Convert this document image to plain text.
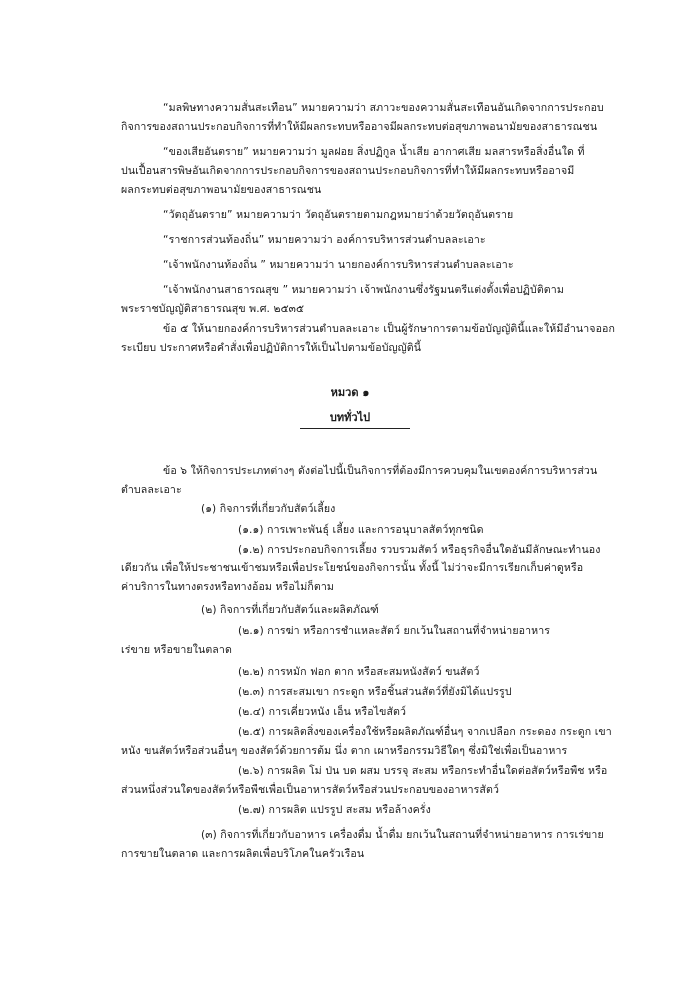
“มลพิษทางความสั่นสะเทือน” หมายความว่า สภาวะของความสั่นสะเทือนอันเกิดจากการประกอบ
กิจการของสถานประกอบกิจการที่ทำให้มีผลกระทบหรืออาจมีผลกระทบต่อสุขภาพอนามัยของสาธารณชน
“ของเสียอันตราย” หมายความว่า มูลฝอย สิ่งปฏิกูล น้ำเสีย อากาศเสีย มลสารหรือสิ่งอื่นใด ที่
ปนเปื้อนสารพิษอันเกิดจากการประกอบกิจการของสถานประกอบกิจการที่ทำให้มีผลกระทบหรืออาจมี
ผลกระทบต่อสุขภาพอนามัยของสาธารณชน
“วัตถุอันตราย” หมายความว่า วัตถุอันตรายตามกฎหมายว่าด้วยวัตถุอันตราย
“ราชการส่วนท้องถิ่น” หมายความว่า องค์การบริหารส่วนตำบลละเอาะ
“เจ้าพนักงานท้องถิ่น ” หมายความว่า นายกองค์การบริหารส่วนตำบลละเอาะ
“เจ้าพนักงานสาธารณสุข ” หมายความว่า เจ้าพนักงานซึ่งรัฐมนตรีแต่งตั้งเพื่อปฏิบัติตาม
พระราชบัญญัติสาธารณสุข พ.ศ. ๒๕๓๕
ข้อ ๕ ให้นายกองค์การบริหารส่วนตำบลละเอาะ เป็นผู้รักษาการตามข้อบัญญัตินี้และให้มีอำนาจออก
ระเบียบ ประกาศหรือคำสั่งเพื่อปฏิบัติการให้เป็นไปตามข้อบัญญัตินี้
หมวด ๑
บททั่วไป
ข้อ ๖ ให้กิจการประเภทต่างๆ ดังต่อไปนี้เป็นกิจการที่ต้องมีการควบคุมในเขตองค์การบริหารส่วน
ตำบลละเอาะ
(๑) กิจการที่เกี่ยวกับสัตว์เลี้ยง
(๑.๑) การเพาะพันธุ์ เลี้ยง และการอนุบาลสัตว์ทุกชนิด
(๑.๒) การประกอบกิจการเลี้ยง รวบรวมสัตว์ หรือธุรกิจอื่นใดอันมีลักษณะทำนอง
เดียวกัน เพื่อให้ประชาชนเข้าชมหรือเพื่อประโยชน์ของกิจการนั้น ทั้งนี้ ไม่ว่าจะมีการเรียกเก็บค่าดูหรือ
ค่าบริการในทางตรงหรือทางอ้อม หรือไม่ก็ตาม
(๒) กิจการที่เกี่ยวกับสัตว์และผลิตภัณฑ์
(๒.๑) การฆ่า หรือการชำแหละสัตว์ ยกเว้นในสถานที่จำหน่ายอาหาร
เร่ขาย หรือขายในตลาด
(๒.๒) การหมัก ฟอก ตาก หรือสะสมหนังสัตว์ ขนสัตว์
(๒.๓) การสะสมเขา กระดูก หรือชิ้นส่วนสัตว์ที่ยังมิได้แปรรูป
(๒.๔) การเคี่ยวหนัง เอ็น หรือไขสัตว์
(๒.๕) การผลิตสิ่งของเครื่องใช้หรือผลิตภัณฑ์อื่นๆ จากเปลือก กระดอง กระดูก เขา
หนัง ขนสัตว์หรือส่วนอื่นๆ ของสัตว์ด้วยการต้ม นึ่ง ตาก เผาหรือกรรมวิธีใดๆ ซึ่งมิใช่เพื่อเป็นอาหาร
(๒.๖) การผลิต โม่ ป่น บด ผสม บรรจุ สะสม หรือกระทำอื่นใดต่อสัตว์หรือพืช หรือ
ส่วนหนึ่งส่วนใดของสัตว์หรือพืชเพื่อเป็นอาหารสัตว์หรือส่วนประกอบของอาหารสัตว์
(๒.๗) การผลิต แปรรูป สะสม หรือล้างครั่ง
(๓) กิจการที่เกี่ยวกับอาหาร เครื่องดื่ม น้ำดื่ม ยกเว้นในสถานที่จำหน่ายอาหาร การเร่ขาย
การขายในตลาด และการผลิตเพื่อบริโภคในครัวเรือน
